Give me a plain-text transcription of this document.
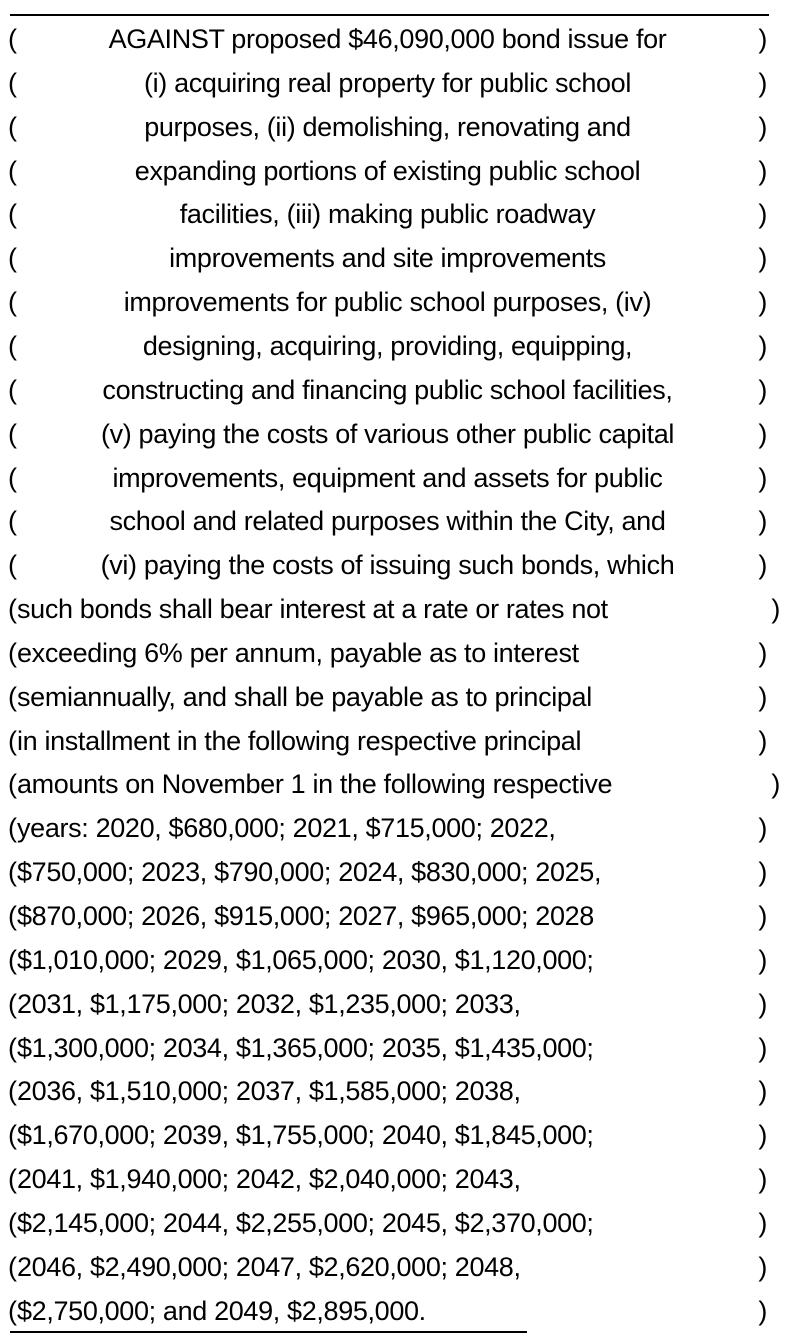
(	AGAINST proposed $46,090,000 bond issue for	)
(	(i) acquiring real property for public school	)
(	purposes, (ii) demolishing, renovating and	)
(	expanding portions of existing public school	)
(	facilities, (iii) making public roadway	)
(	improvements and site improvements	)
(	improvements for public school purposes, (iv)	)
(	designing, acquiring, providing, equipping,	)
(	constructing and financing public school facilities,	)
(	(v) paying the costs of various other public capital	)
(	improvements, equipment and assets for public	)
(	school and related purposes within the City, and	)
(	(vi) paying the costs of issuing such bonds, which	)
( such bonds shall bear interest at a rate or rates not	)
( exceeding 6% per annum, payable as to interest	)
( semiannually, and shall be payable as to principal	)
( in installment in the following respective principal	)
( amounts on November 1 in the following respective	)
( years: 2020, $680,000; 2021, $715,000; 2022,	)
( $750,000; 2023, $790,000; 2024, $830,000; 2025,	)
( $870,000; 2026, $915,000; 2027, $965,000; 2028	)
( $1,010,000; 2029, $1,065,000; 2030, $1,120,000;	)
( 2031, $1,175,000; 2032, $1,235,000; 2033,	)
( $1,300,000; 2034, $1,365,000; 2035, $1,435,000;	)
( 2036, $1,510,000; 2037, $1,585,000; 2038,	)
( $1,670,000; 2039, $1,755,000; 2040, $1,845,000;	)
( 2041, $1,940,000; 2042, $2,040,000; 2043,	)
( $2,145,000; 2044, $2,255,000; 2045, $2,370,000;	)
( 2046, $2,490,000; 2047, $2,620,000; 2048,	)
( $2,750,000; and 2049, $2,895,000.	)
